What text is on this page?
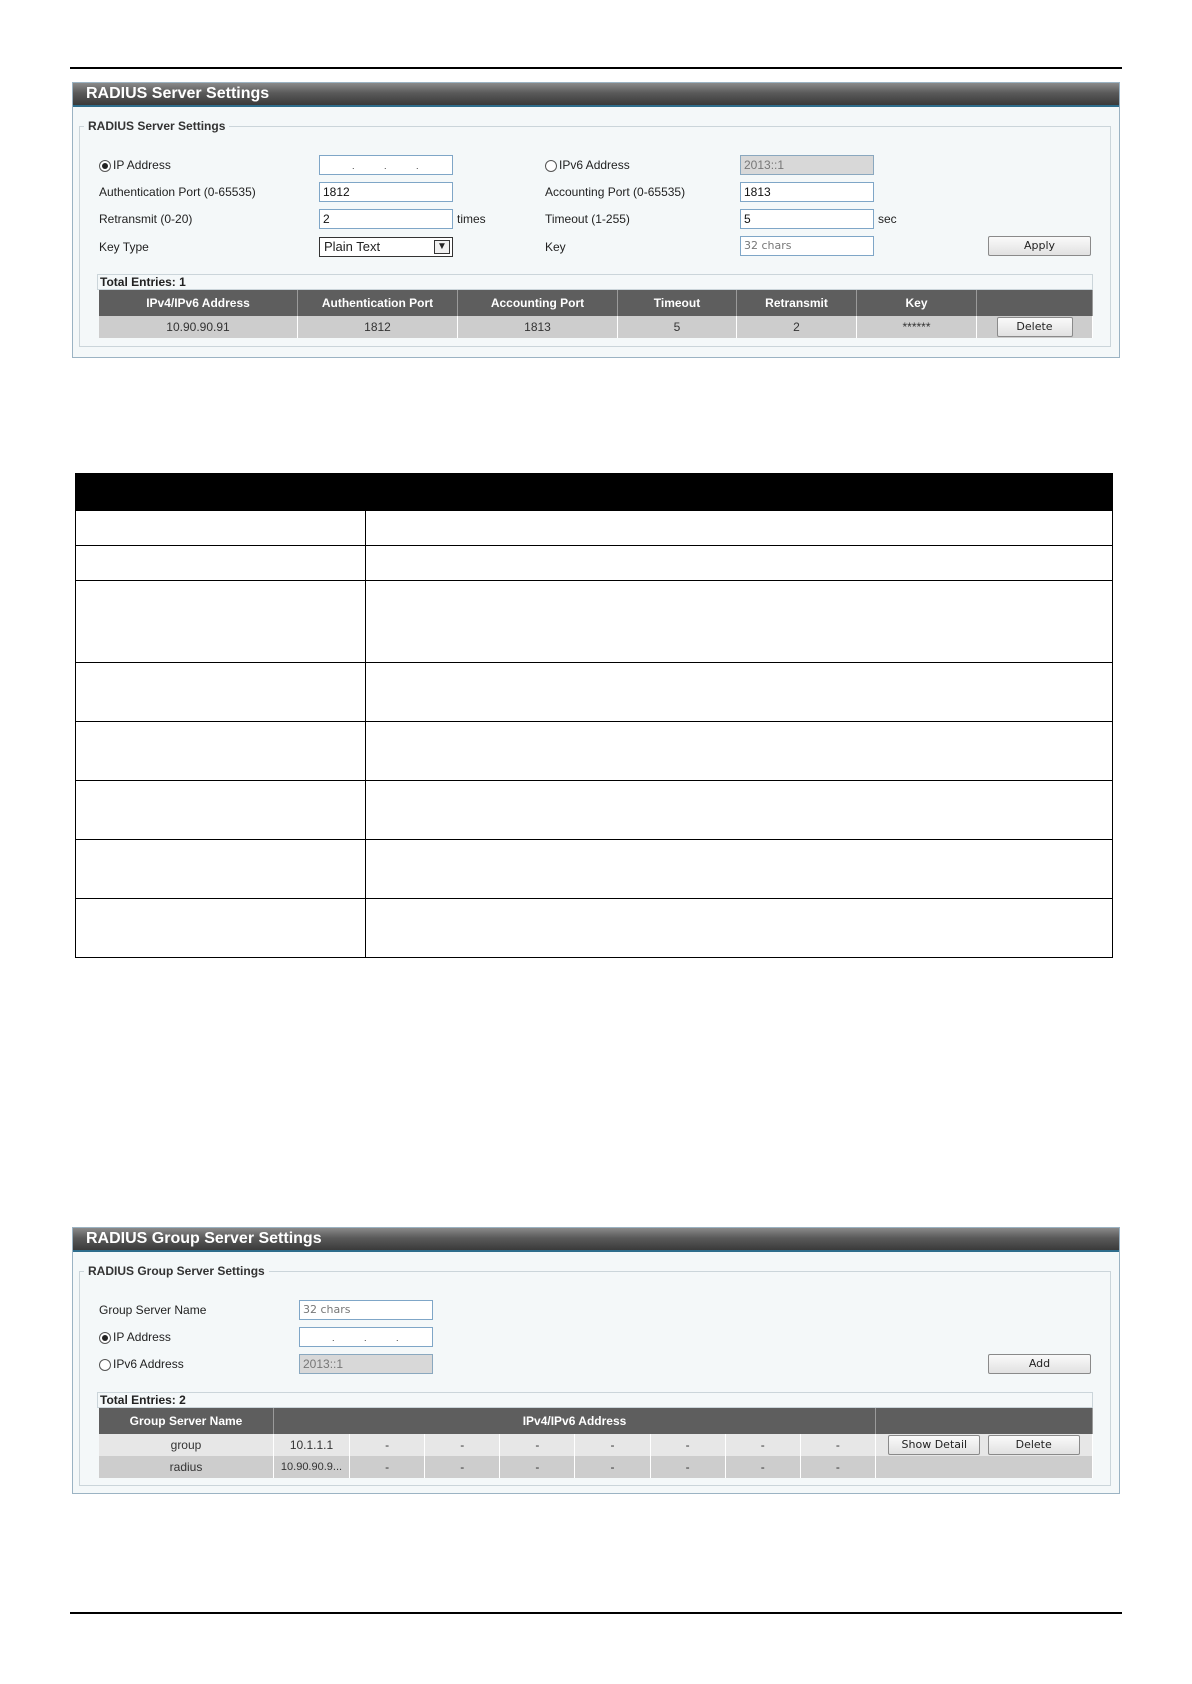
RADIUS Server Settings
RADIUS Server Settings
IP Address	.	.	.	IPv6 Address	2013::1
Authentication Port (0-65535)	1812	Accounting Port (0-65535)	1813
Retransmit (0-20)	2	times	Timeout (1-255)	5	sec
Key Type	Plain Text	▼	Key	32 chars	Apply
Total Entries: 1
IPv4/IPv6 Address	Authentication Port	Accounting Port	Timeout	Retransmit	Key	
10.90.90.91	1812	1813	5	2	******	Delete

RADIUS Group Server Settings
RADIUS Group Server Settings
Group Server Name	32 chars
IP Address	.	.	.
IPv6 Address	2013::1	Add
Total Entries: 2
Group Server Name	IPv4/IPv6 Address								
group	10.1.1.1	-	-	-	-	-	-	-	Show Detail Delete
radius	10.90.90.9...	-	-	-	-	-	-	-	
